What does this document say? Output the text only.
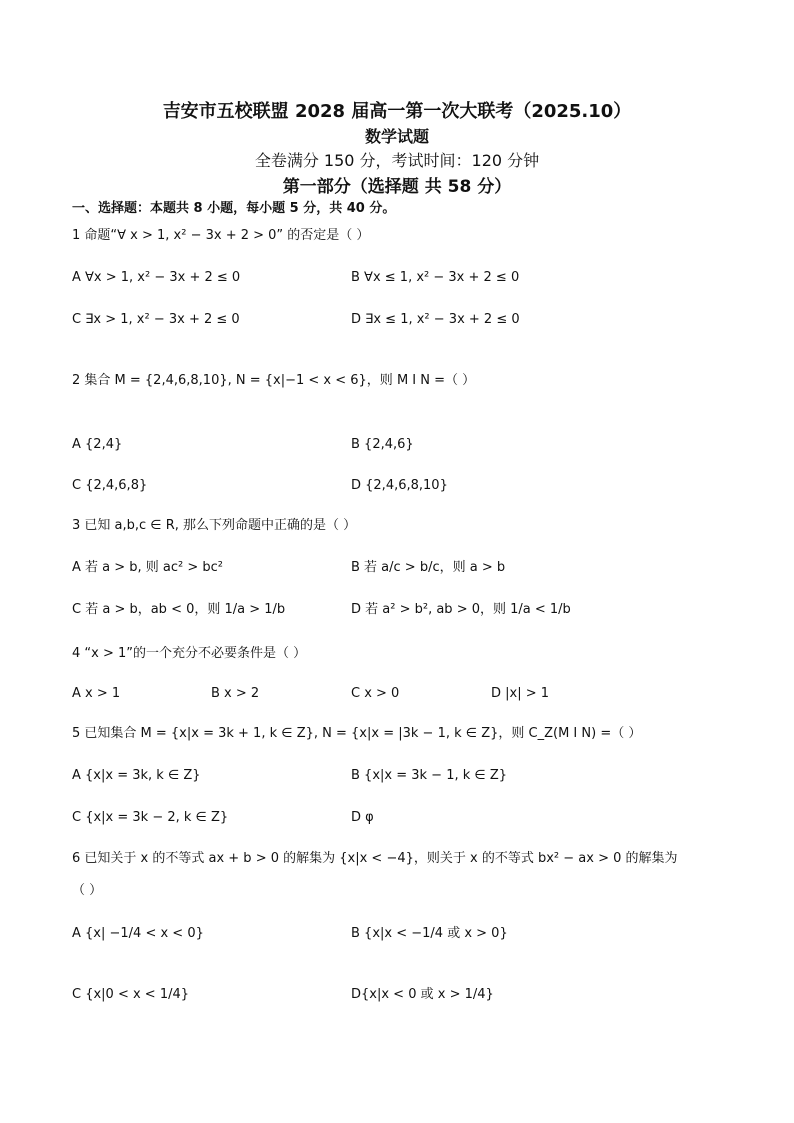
吉安市五校联盟 2028 届高一第一次大联考（2025.10）
数学试题
全卷满分 150 分，考试时间：120 分钟
第一部分（选择题 共 58 分）
一、选择题：本题共 8 小题，每小题 5 分，共 40 分。
1 命题“∀ x > 1, x² − 3x + 2 > 0” 的否定是（ ）
A ∀x > 1, x² − 3x + 2 ≤ 0	B ∀x ≤ 1, x² − 3x + 2 ≤ 0
C ∃x > 1, x² − 3x + 2 ≤ 0	D ∃x ≤ 1, x² − 3x + 2 ≤ 0
2 集合 M = {2,4,6,8,10}, N = {x|−1 < x < 6}，则 M I N =（ ）
A {2,4}	B {2,4,6}
C {2,4,6,8}	D {2,4,6,8,10}
3 已知 a,b,c ∈ R, 那么下列命题中正确的是（ ）
A 若 a > b, 则 ac² > bc²	B 若 a/c > b/c，则 a > b
C 若 a > b，ab < 0，则 1/a > 1/b	D 若 a² > b², ab > 0，则 1/a < 1/b
4 “x > 1”的一个充分不必要条件是（ ）
A x > 1	B x > 2	C x > 0	D |x| > 1
5 已知集合 M = {x|x = 3k + 1, k ∈ Z}, N = {x|x = |3k − 1, k ∈ Z}，则 C_Z(M I N) =（ ）
A {x|x = 3k, k ∈ Z}	B {x|x = 3k − 1, k ∈ Z}
C {x|x = 3k − 2, k ∈ Z}	D φ
6 已知关于 x 的不等式 ax + b > 0 的解集为 {x|x < −4}，则关于 x 的不等式 bx² − ax > 0 的解集为
（ ）
A {x| −1/4 < x < 0}	B {x|x < −1/4 或 x > 0}
C {x|0 < x < 1/4}	D{x|x < 0 或 x > 1/4}
